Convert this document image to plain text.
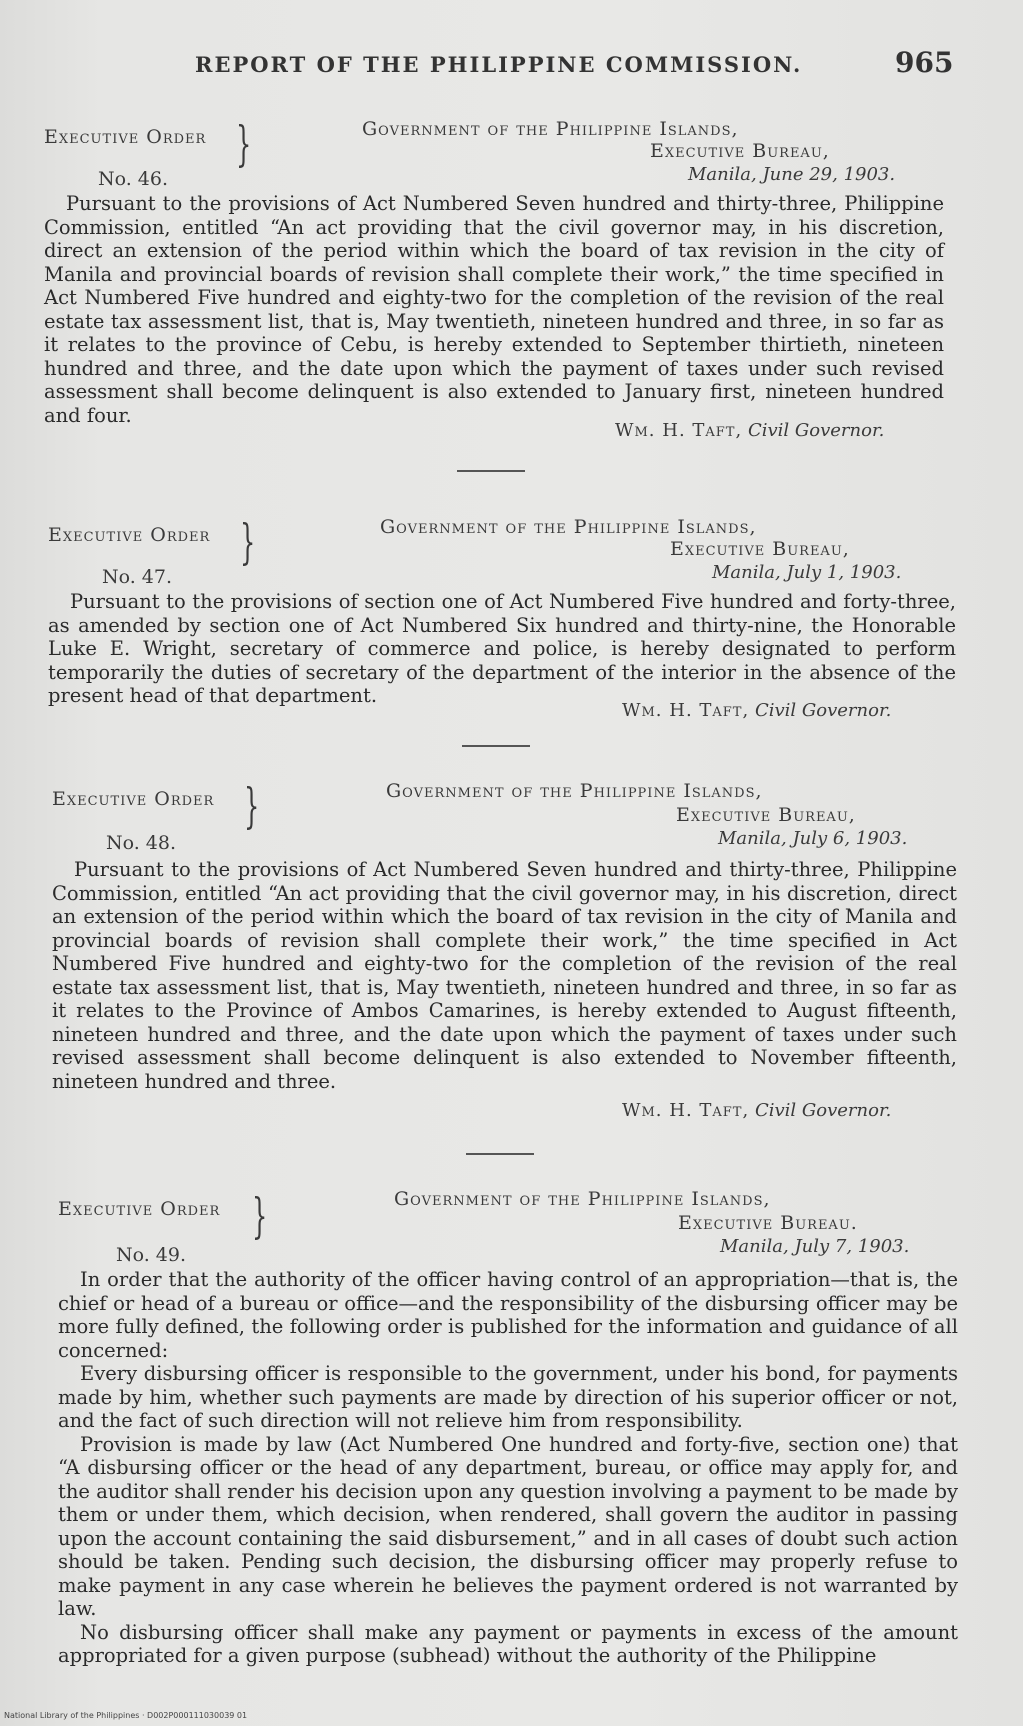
REPORT OF THE PHILIPPINE COMMISSION.	965
Executive Order }
No. 46.
Government of the Philippine Islands,
Executive Bureau,
Manila, June 29, 1903.

Pursuant to the provisions of Act Numbered Seven hundred and thirty-three, Philippine Commission, entitled “An act providing that the civil governor may, in his discretion, direct an extension of the period within which the board of tax revision in the city of Manila and provincial boards of revision shall complete their work,” the time specified in Act Numbered Five hundred and eighty-two for the completion of the revision of the real estate tax assessment list, that is, May twentieth, nineteen hundred and three, in so far as it relates to the province of Cebu, is hereby extended to September thirtieth, nineteen hundred and three, and the date upon which the payment of taxes under such revised assessment shall become delinquent is also extended to January first, nineteen hundred and four.

Wm. H. Taft, Civil Governor.
Executive Order }
No. 47.
Government of the Philippine Islands,
Executive Bureau,
Manila, July 1, 1903.

Pursuant to the provisions of section one of Act Numbered Five hundred and forty-three, as amended by section one of Act Numbered Six hundred and thirty-nine, the Honorable Luke E. Wright, secretary of commerce and police, is hereby designated to perform temporarily the duties of secretary of the department of the interior in the absence of the present head of that department.

Wm. H. Taft, Civil Governor.
Executive Order }
No. 48.
Government of the Philippine Islands,
Executive Bureau,
Manila, July 6, 1903.

Pursuant to the provisions of Act Numbered Seven hundred and thirty-three, Philippine Commission, entitled “An act providing that the civil governor may, in his discretion, direct an extension of the period within which the board of tax revision in the city of Manila and provincial boards of revision shall complete their work,” the time specified in Act Numbered Five hundred and eighty-two for the completion of the revision of the real estate tax assessment list, that is, May twentieth, nineteen hundred and three, in so far as it relates to the Province of Ambos Camarines, is hereby extended to August fifteenth, nineteen hundred and three, and the date upon which the payment of taxes under such revised assessment shall become delinquent is also extended to November fifteenth, nineteen hundred and three.

Wm. H. Taft, Civil Governor.
Executive Order }
No. 49.
Government of the Philippine Islands,
Executive Bureau.
Manila, July 7, 1903.

In order that the authority of the officer having control of an appropriation—that is, the chief or head of a bureau or office—and the responsibility of the disbursing officer may be more fully defined, the following order is published for the information and guidance of all concerned:

Every disbursing officer is responsible to the government, under his bond, for payments made by him, whether such payments are made by direction of his superior officer or not, and the fact of such direction will not relieve him from responsibility.

Provision is made by law (Act Numbered One hundred and forty-five, section one) that “A disbursing officer or the head of any department, bureau, or office may apply for, and the auditor shall render his decision upon any question involving a payment to be made by them or under them, which decision, when rendered, shall govern the auditor in passing upon the account containing the said disbursement,” and in all cases of doubt such action should be taken. Pending such decision, the disbursing officer may properly refuse to make payment in any case wherein he believes the payment ordered is not warranted by law.

No disbursing officer shall make any payment or payments in excess of the amount appropriated for a given purpose (subhead) without the authority of the Philippine

National Library of the Philippines · D002P000111030039 01
